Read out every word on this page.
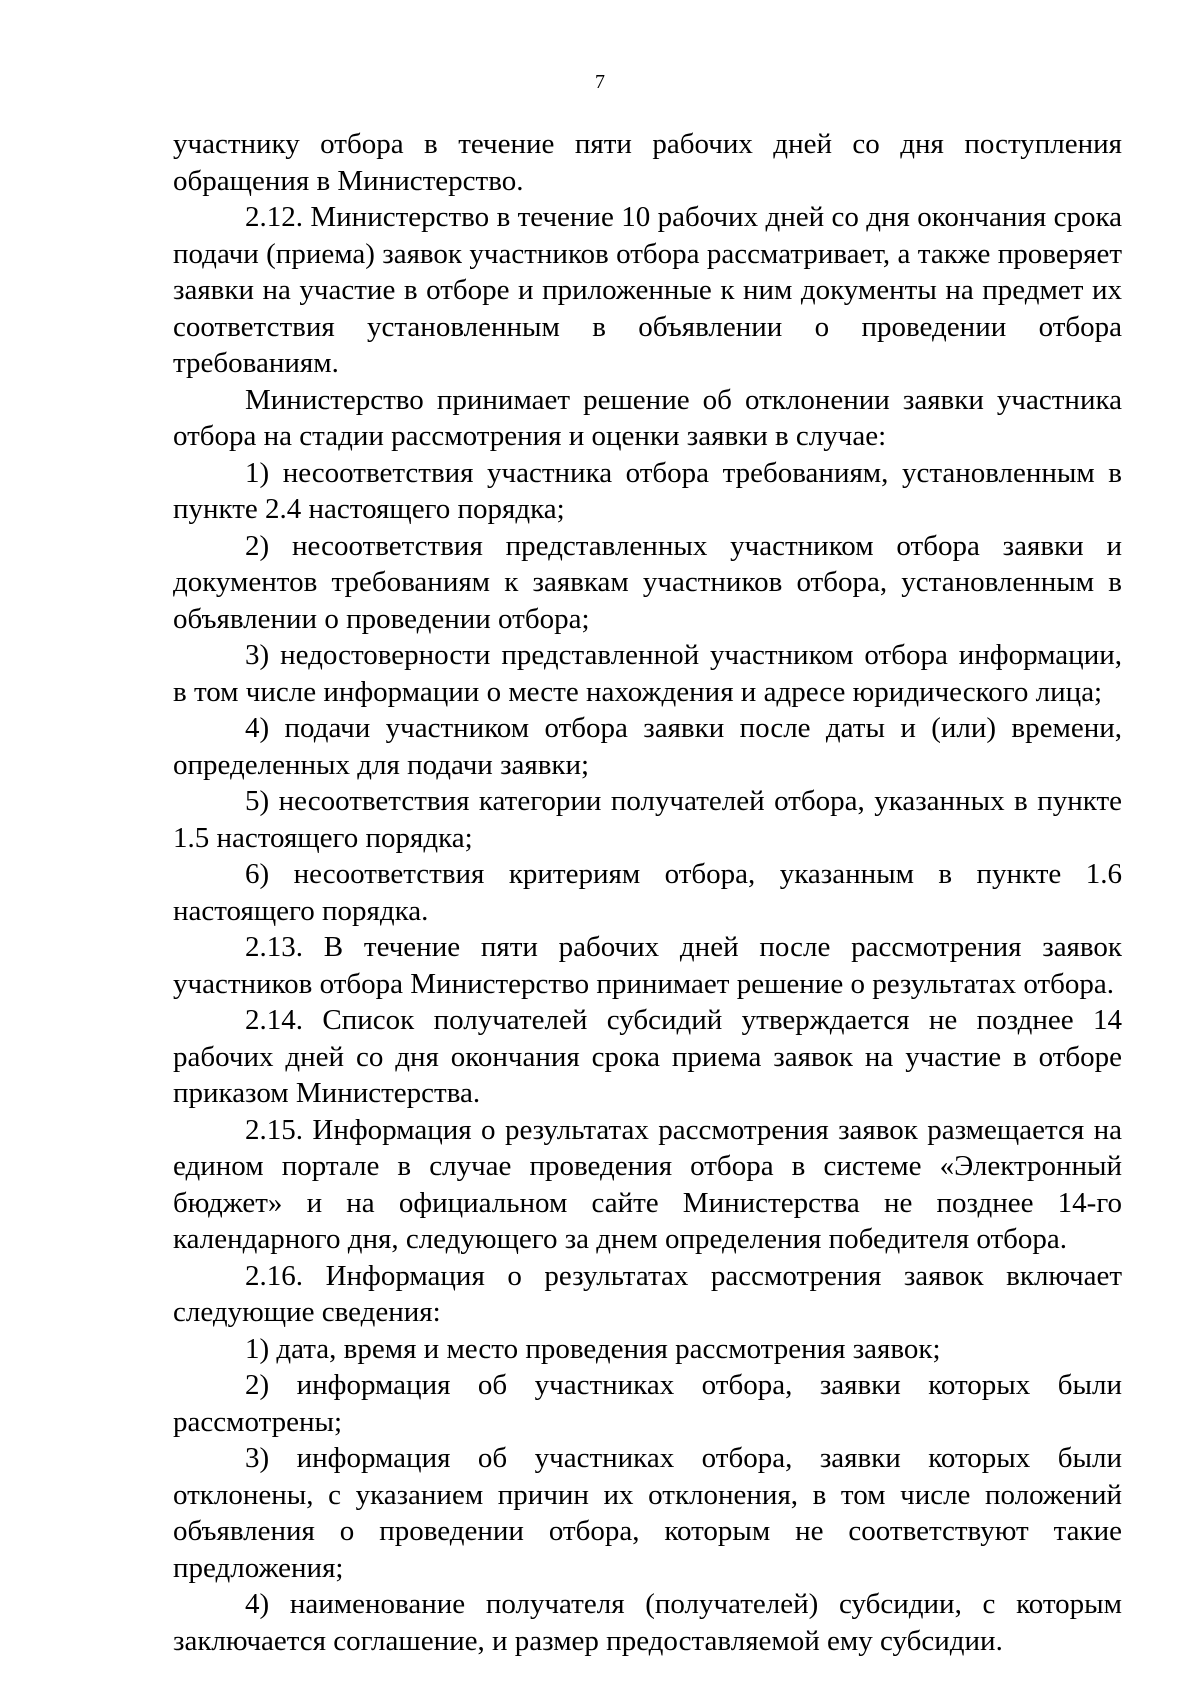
7

участнику отбора в течение пяти рабочих дней со дня поступления обращения в Министерство.

2.12. Министерство в течение 10 рабочих дней со дня окончания срока подачи (приема) заявок участников отбора рассматривает, а также проверяет заявки на участие в отборе и приложенные к ним документы на предмет их соответствия установленным в объявлении о проведении отбора требованиям.

Министерство принимает решение об отклонении заявки участника отбора на стадии рассмотрения и оценки заявки в случае:

1) несоответствия участника отбора требованиям, установленным в пункте 2.4 настоящего порядка;

2) несоответствия представленных участником отбора заявки и документов требованиям к заявкам участников отбора, установленным в объявлении о проведении отбора;

3) недостоверности представленной участником отбора информации, в том числе информации о месте нахождения и адресе юридического лица;

4) подачи участником отбора заявки после даты и (или) времени, определенных для подачи заявки;

5) несоответствия категории получателей отбора, указанных в пункте 1.5 настоящего порядка;

6) несоответствия критериям отбора, указанным в пункте 1.6 настоящего порядка.

2.13. В течение пяти рабочих дней после рассмотрения заявок участников отбора Министерство принимает решение о результатах отбора.

2.14. Список получателей субсидий утверждается не позднее 14 рабочих дней со дня окончания срока приема заявок на участие в отборе приказом Министерства.

2.15. Информация о результатах рассмотрения заявок размещается на едином портале в случае проведения отбора в системе «Электронный бюджет» и на официальном сайте Министерства не позднее 14-го календарного дня, следующего за днем определения победителя отбора.

2.16. Информация о результатах рассмотрения заявок включает следующие сведения:

1) дата, время и место проведения рассмотрения заявок;

2) информация об участниках отбора, заявки которых были рассмотрены;

3) информация об участниках отбора, заявки которых были отклонены, с указанием причин их отклонения, в том числе положений объявления о проведении отбора, которым не соответствуют такие предложения;

4) наименование получателя (получателей) субсидии, с которым заключается соглашение, и размер предоставляемой ему субсидии.
